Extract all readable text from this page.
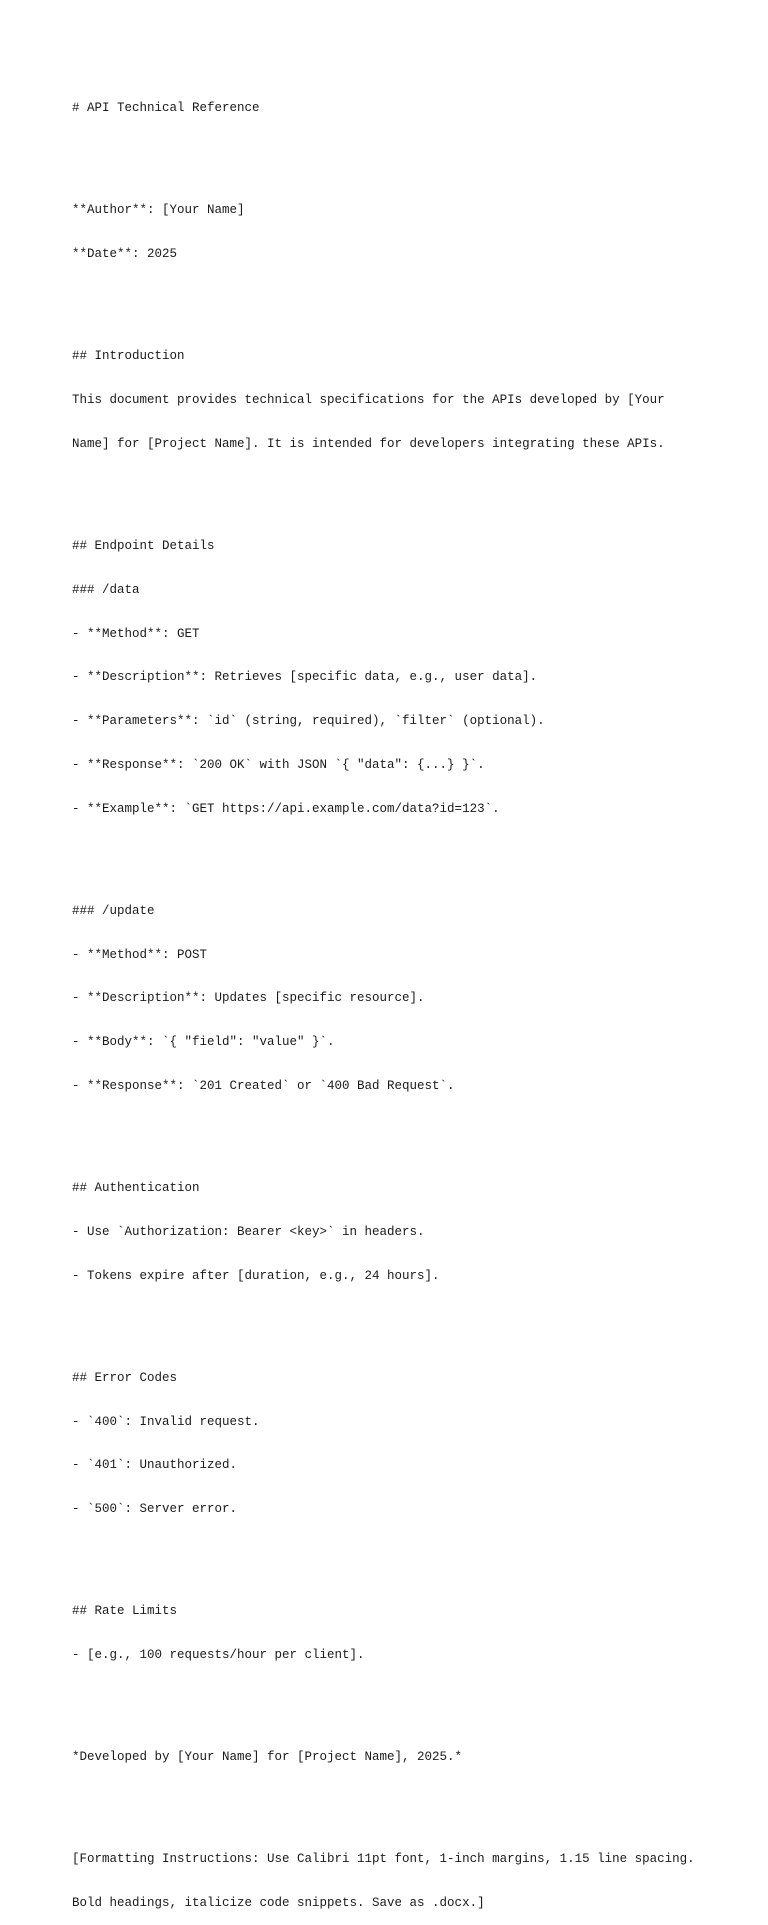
# API Technical Reference

**Author**: [Your Name]

**Date**: 2025

## Introduction

This document provides technical specifications for the APIs developed by [Your

Name] for [Project Name]. It is intended for developers integrating these APIs.

## Endpoint Details

### /data

- **Method**: GET

- **Description**: Retrieves [specific data, e.g., user data].

- **Parameters**: `id` (string, required), `filter` (optional).

- **Response**: `200 OK` with JSON `{ "data": {...} }`.

- **Example**: `GET https://api.example.com/data?id=123`.

### /update

- **Method**: POST

- **Description**: Updates [specific resource].

- **Body**: `{ "field": "value" }`.

- **Response**: `201 Created` or `400 Bad Request`.

## Authentication

- Use `Authorization: Bearer <key>` in headers.

- Tokens expire after [duration, e.g., 24 hours].

## Error Codes

- `400`: Invalid request.

- `401`: Unauthorized.

- `500`: Server error.

## Rate Limits

- [e.g., 100 requests/hour per client].

*Developed by [Your Name] for [Project Name], 2025.*

[Formatting Instructions: Use Calibri 11pt font, 1-inch margins, 1.15 line spacing.

Bold headings, italicize code snippets. Save as .docx.]
